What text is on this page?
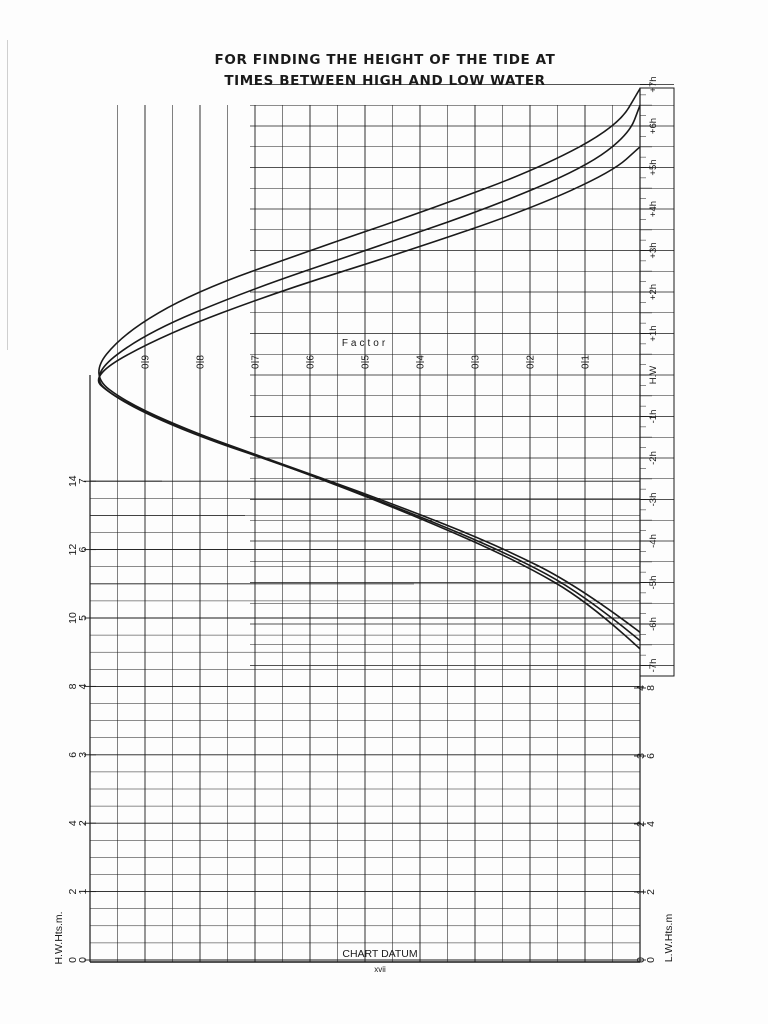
FOR FINDING THE HEIGHT OF THE TIDE AT
TIMES BETWEEN HIGH AND LOW WATER
Factor
0.9	0.8	0.7	0.6	0.5	0.4	0.3	0.2	0.1
-7h
-6h
-5h
-4h
-3h
-2h
-1h
H.W
+1h
+2h
+3h
+4h
+5h
+6h
+7h
0
2
4
6
8
10
12
14
0
1
2
3
4
5
6
7
0
2
4
6
8
0
1
2
3
4
H.W.Hts.m.	L.W.Hts.m
CHART DATUM
xvii
